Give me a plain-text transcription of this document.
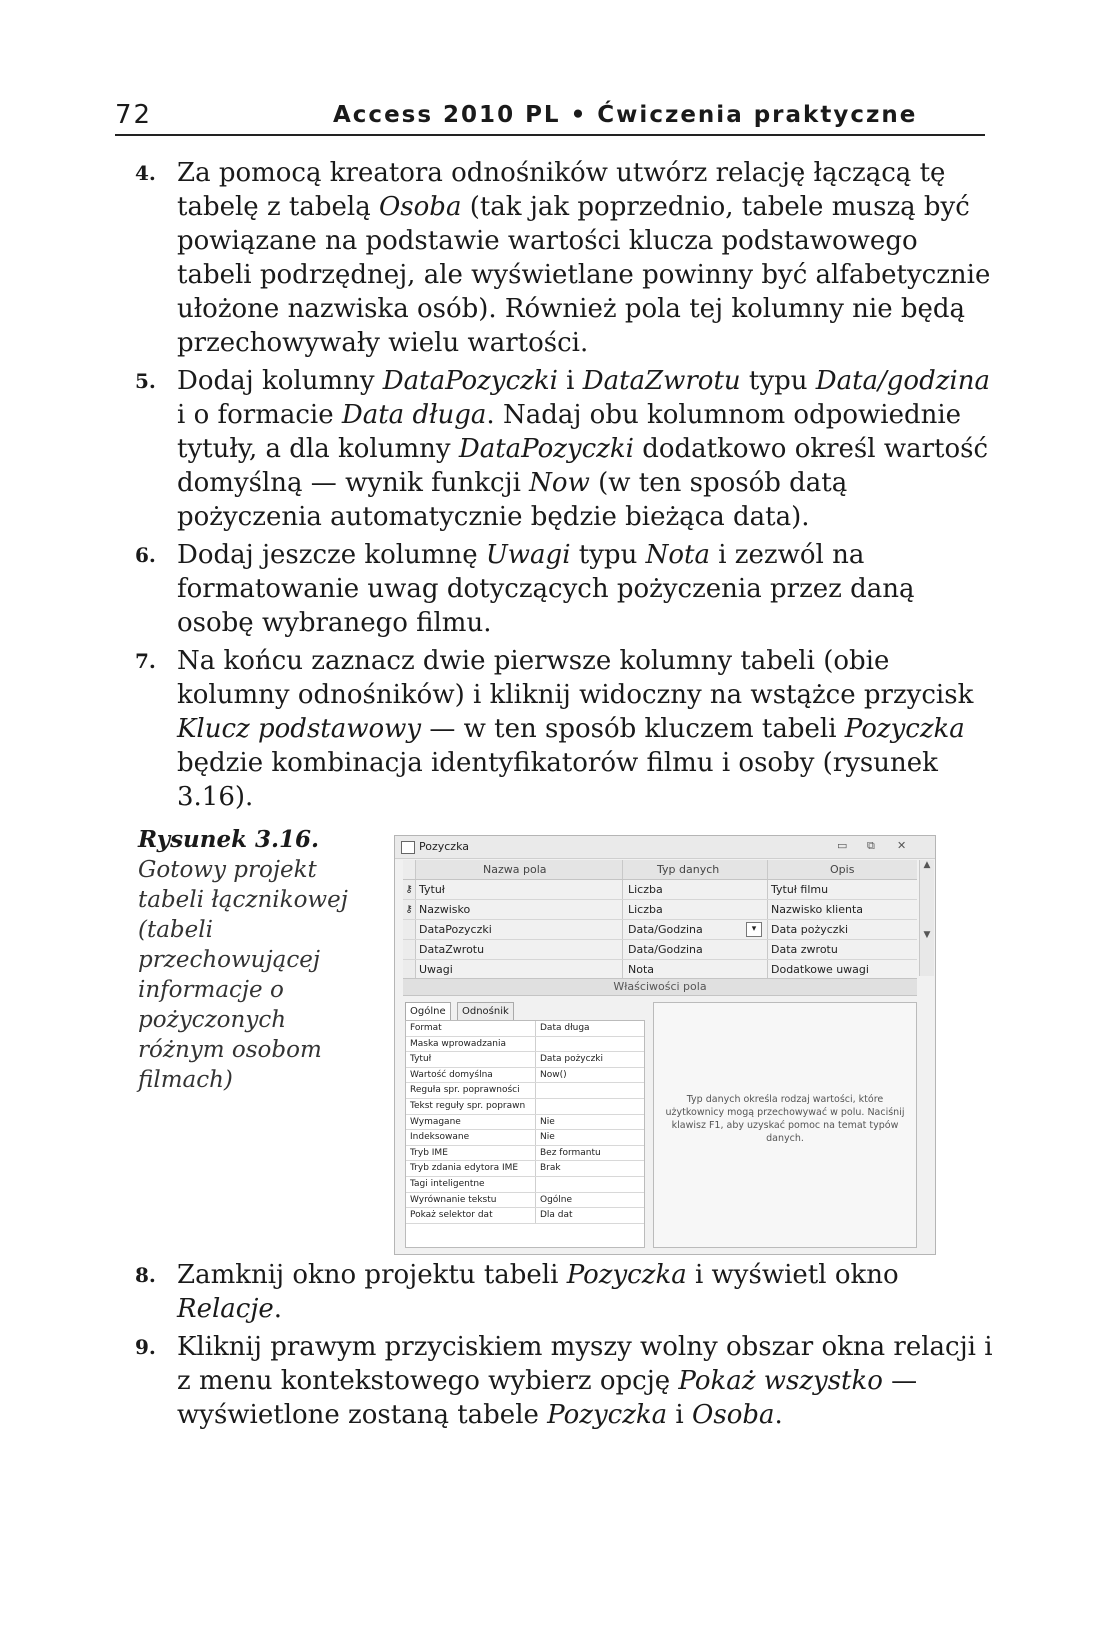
72	Access 2010 PL • Ćwiczenia praktyczne
4. Za pomocą kreatora odnośników utwórz relację łączącą tę tabelę z tabelą Osoba (tak jak poprzednio, tabele muszą być powiązane na podstawie wartości klucza podstawowego tabeli podrzędnej, ale wyświetlane powinny być alfabetycznie ułożone nazwiska osób). Również pola tej kolumny nie będą przechowywały wielu wartości.
5. Dodaj kolumny DataPozyczki i DataZwrotu typu Data/godzina i o formacie Data długa. Nadaj obu kolumnom odpowiednie tytuły, a dla kolumny DataPozyczki dodatkowo określ wartość domyślną — wynik funkcji Now (w ten sposób datą pożyczenia automatycznie będzie bieżąca data).
6. Dodaj jeszcze kolumnę Uwagi typu Nota i zezwól na formatowanie uwag dotyczących pożyczenia przez daną osobę wybranego filmu.
7. Na końcu zaznacz dwie pierwsze kolumny tabeli (obie kolumny odnośników) i kliknij widoczny na wstążce przycisk Klucz podstawowy — w ten sposób kluczem tabeli Pozyczka będzie kombinacja identyfikatorów filmu i osoby (rysunek 3.16).
Rysunek 3.16.
Gotowy projekt tabeli łącznikowej (tabeli przechowującej informacje o pożyczonych różnym osobom filmach)
Pozyczka	▭ ⧉ ✕
Nazwa pola	Typ danych	Opis
⚷ Tytuł	Liczba	Tytuł filmu
⚷ Nazwisko	Liczba	Nazwisko klienta
DataPozyczki	Data/Godzina	Data pożyczki
▾
DataZwrotu	Data/Godzina	Data zwrotu
Uwagi	Nota	Dodatkowe uwagi
▲

▼
Właściwości pola
Ogólne	Odnośnik
Format	Data długa
Maska wprowadzania
Tytuł	Data pożyczki
Wartość domyślna	Now()
Reguła spr. poprawności
Tekst reguły spr. poprawn
Wymagane	Nie
Indeksowane	Nie
Tryb IME	Bez formantu
Tryb zdania edytora IME Brak
Tagi inteligentne
Wyrównanie tekstu	Ogólne
Pokaż selektor dat	Dla dat
Typ danych określa rodzaj wartości, które użytkownicy mogą przechowywać w polu. Naciśnij klawisz F1, aby uzyskać pomoc na temat typów danych.
8. Zamknij okno projektu tabeli Pozyczka i wyświetl okno Relacje.
9. Kliknij prawym przyciskiem myszy wolny obszar okna relacji i z menu kontekstowego wybierz opcję Pokaż wszystko — wyświetlone zostaną tabele Pozyczka i Osoba.
